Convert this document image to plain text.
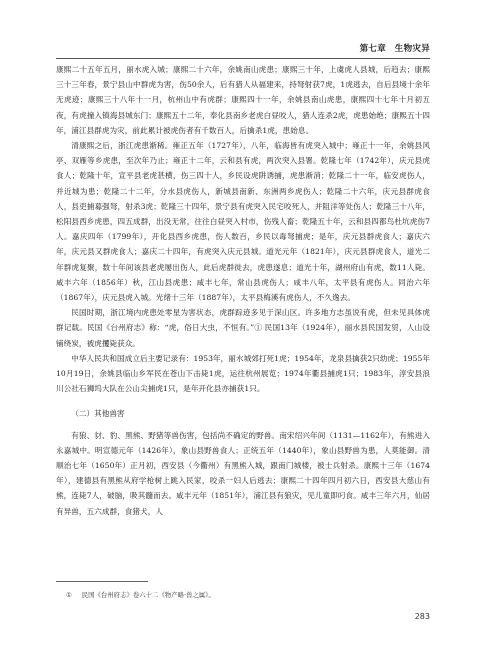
第七章　生物灾异

康熙二十五年五月，丽水虎入城；康熙二十六年，余姚南山虎患；康熙三十年，上虞虎人县城，后趋去；康熙三十三年春，景宁县山中群虎为害，伤50余人，后有猎人从福建来，持弩射获7虎，1虎逃去，自后县境十余年无虎迹；康熙三十八年十一月，杭州山中有虎群；康熙四十一年，余姚县南山虎患，康熙四十七年十月初五夜，有虎撞入镇海县城东门；康熙五十二年，奉化县南乡老虎白昼咬人，猎人连杀2虎，虎患始绝；康熙五十四年，浦江县群虎为灾，前此累计被虎伤者有千数百人，后擒杀1虎，患始息。

清康熙之后，浙江虎患渐稀。雍正五年（1727年），八年，临海皆有虎突入城中；雍正十一年，余姚县风亭、双雁等乡虎患，至次年乃止；雍正十二年，云和县有虎，两次突入县署。乾隆七年（1742年），庆元县虎食人；乾隆十年，宣平县老虎甚横，伤三四十人，乡民设虎阱诱捕，虎患渐消；乾隆二十一年，临安虎伤人，并近城为患；乾隆二十二年，分水县虎伤人，新城县南新、东洲两乡虎伤人；乾隆二十六年，庆元县群虎食人，县吏捕募强弩，射杀3虎；乾隆三十四年，景宁县有虎突入民宅咬死人，并阻洋等处伤人；乾隆三十八年，松阳县西乡虎患，四五成群，出没无常，往往白昼突入村市，伤残人畜；乾隆五十年，云和县四都鸟杜坑虎伤7人。嘉庆四年（1799年），开化县西乡虎患，伤人数百，乡民以毒弩捕虎；是年，庆元县群虎食人；嘉庆六年，庆元县又群虎食人；嘉庆二十四年，有虎突入庆元县城。道光元年（1821年），庆元县群虎食人，道光二年群虎复聚，数十年间该县老虎屡出伤人，此后虎群徙去，虎患遂息；道光十年，湖州府山有虎，数11人毙。咸丰六年（1856年）秋，江山县虎患；咸丰七年，常山县虎伤人；咸丰八年，太平县有虎伤人。同治六年（1867年），庆元县虎入城。光绪十三年（1887年），太平县梅溪有虎伤人，不久逸去。

民国时期，浙江境内虎患处零星为害状态，虎群踪迹多见于深山区。许多地方志虽说有虎，但未见具体虎群记载。民国《台州府志》称：“虎，俗日大虫，不恒有。”① 民国13年（1924年），丽水县民国发贸，人山设铺绕炭，被虎攫毙获众。

中华人民共和国成立后主要记录有：1953年，丽水城郊打死1虎；1954年，龙泉县擒获2只幼虎；1955年10月19日，余姚县临山乡军民在苍山下击毙1虎，运往杭州展览；1974年衢县捕虎1只；1983年，淳安县浪川公社石狮坞大队在公山尖捕虎1只，是年开化县亦捕获1只。

（二）其他兽害

有狼、豺、豹、黑熊、野猪等兽伤害，包括尚不确定的野兽。南宋绍兴年间（1131—1162年），有熊进入永嘉城中。明宣德元年（1426年），象山县野兽食人；正统五年（1440年），象山县野兽为患，人莫能御。清顺治七年（1650年）正月初，西安县（今衢州）有黑熊入城，跟南门城楼，被士兵射杀。康熙十三年（1674年），建德县有黑熊从府学枪树上跳入民家，咬杀一妇人后逃去；康熙二十四年四月初六日，西安县大慈山有熊，连毙7人，破脑，吸其髓而去。咸丰元年（1851年），浦江县有狼灾，见儿童即叼食。咸丰三年六月，仙居有异兽，五六成群，食猪犬，人

① 民国《台州府志》卷六十二《物产略·兽之属》。
283
